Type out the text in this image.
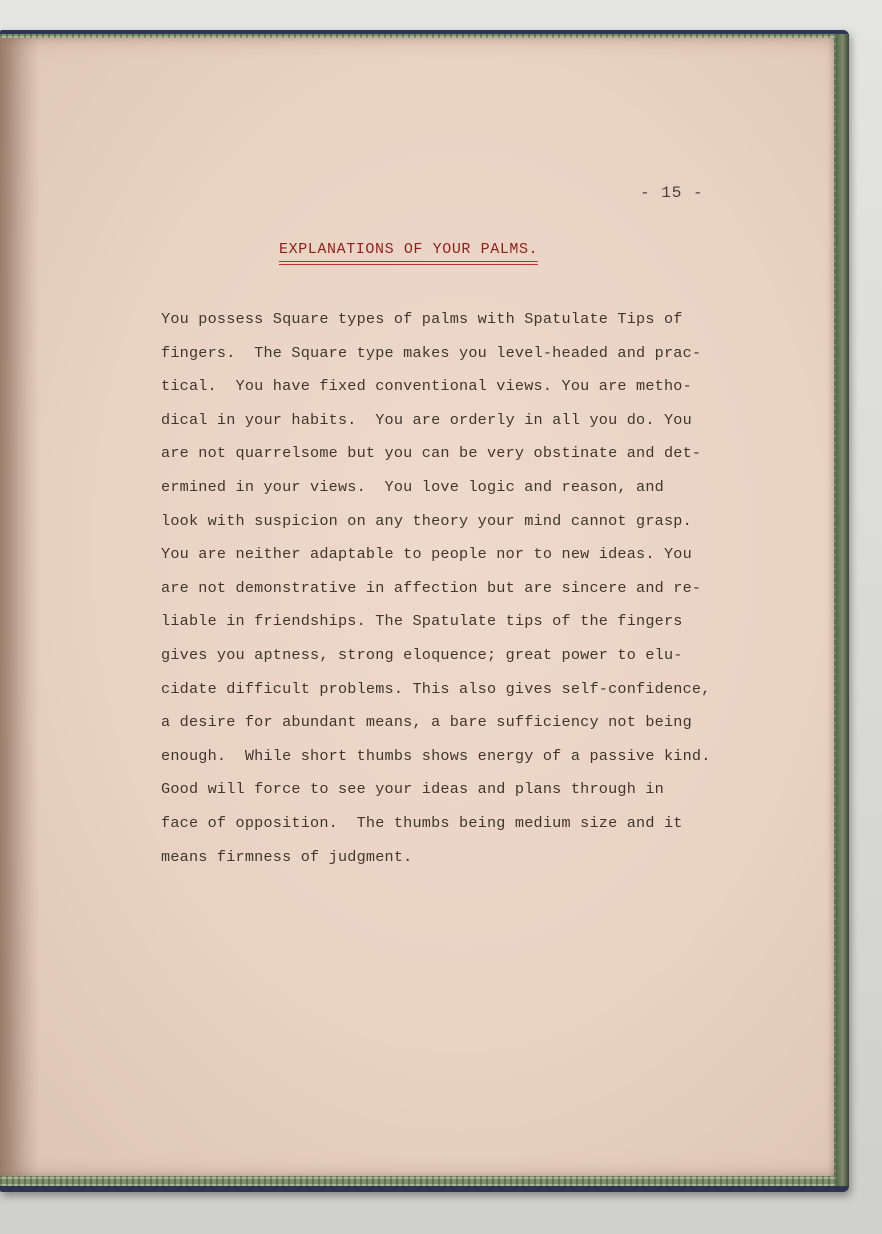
- 15 -
EXPLANATIONS OF YOUR PALMS.
You possess Square types of palms with Spatulate Tips of
fingers.  The Square type makes you level-headed and prac-
tical.  You have fixed conventional views. You are metho-
dical in your habits.  You are orderly in all you do. You
are not quarrelsome but you can be very obstinate and det-
ermined in your views.  You love logic and reason, and
look with suspicion on any theory your mind cannot grasp.
You are neither adaptable to people nor to new ideas. You
are not demonstrative in affection but are sincere and re-
liable in friendships. The Spatulate tips of the fingers
gives you aptness, strong eloquence; great power to elu-
cidate difficult problems. This also gives self-confidence,
a desire for abundant means, a bare sufficiency not being
enough.  While short thumbs shows energy of a passive kind.
Good will force to see your ideas and plans through in
face of opposition.  The thumbs being medium size and it
means firmness of judgment.
